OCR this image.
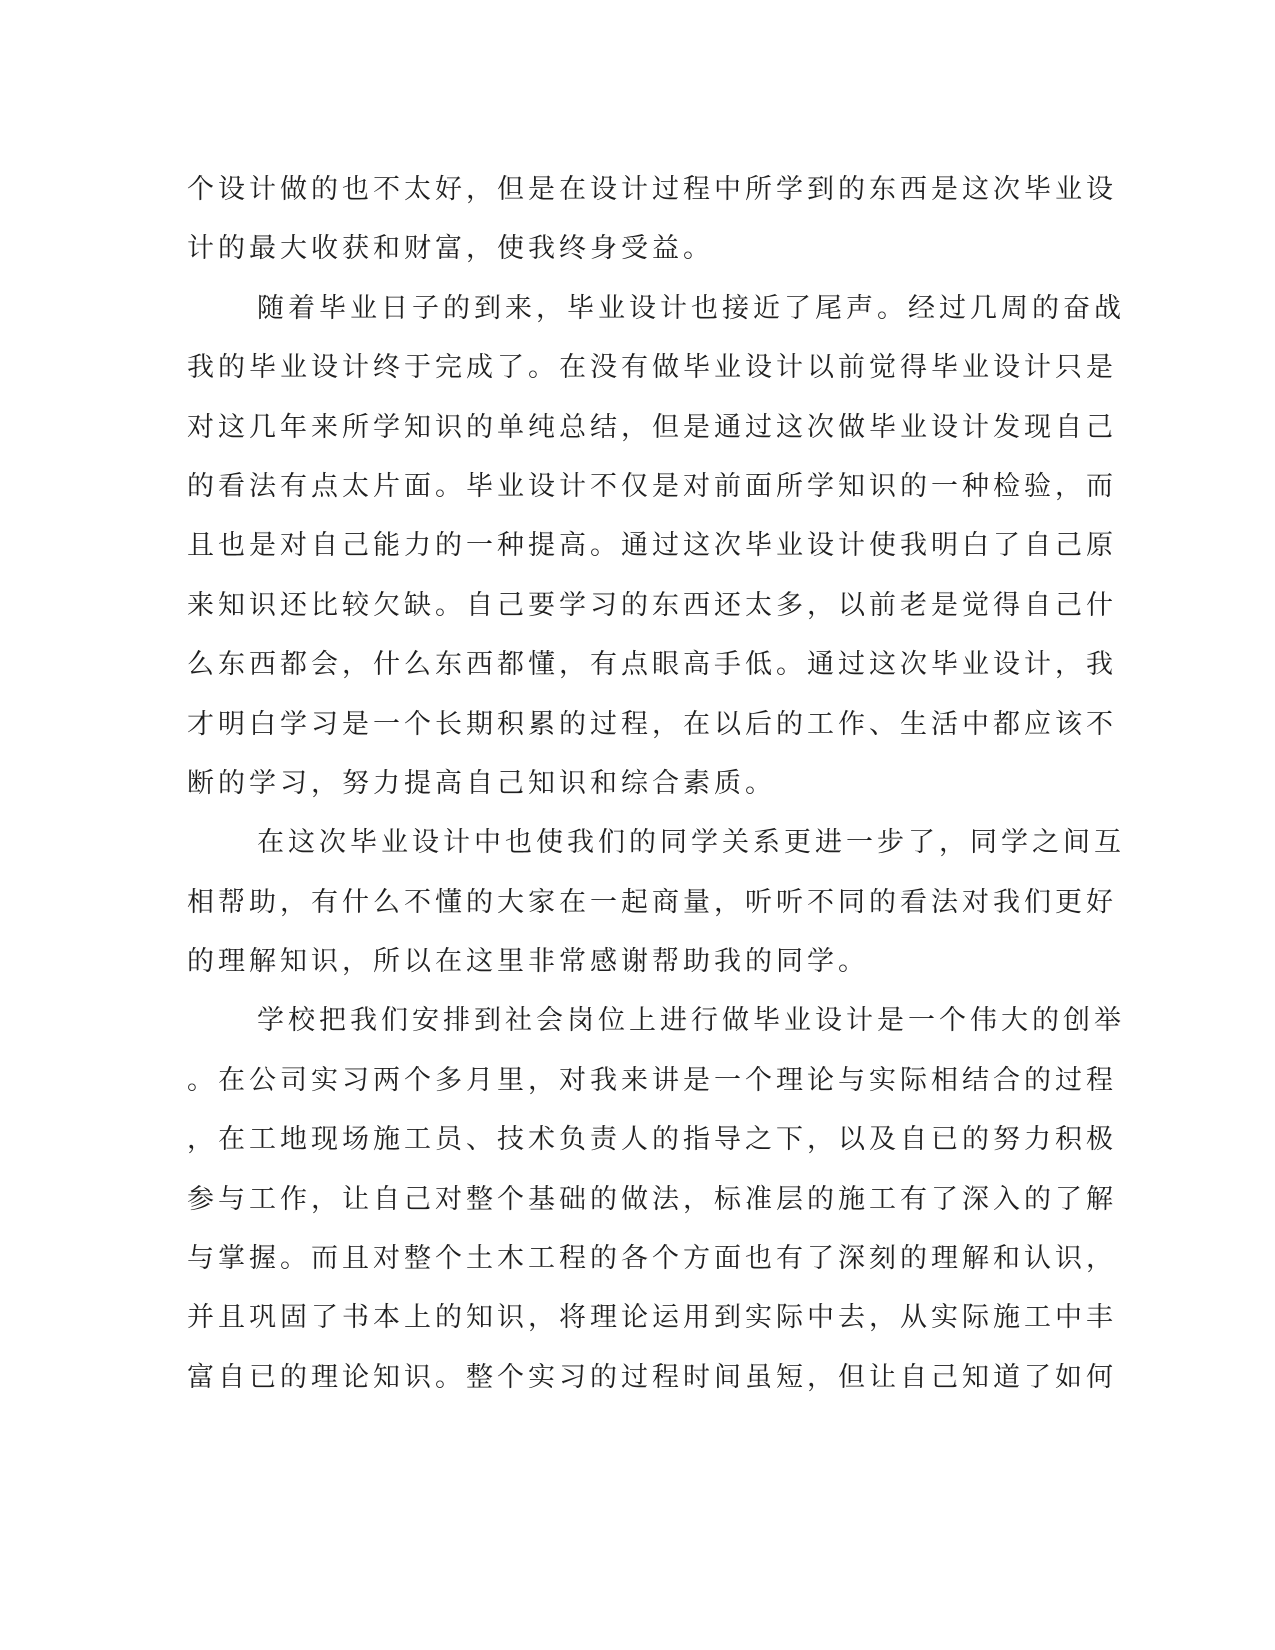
个设计做的也不太好，但是在设计过程中所学到的东西是这次毕业设
计的最大收获和财富，使我终身受益。
随着毕业日子的到来，毕业设计也接近了尾声。经过几周的奋战
我的毕业设计终于完成了。在没有做毕业设计以前觉得毕业设计只是
对这几年来所学知识的单纯总结，但是通过这次做毕业设计发现自己
的看法有点太片面。毕业设计不仅是对前面所学知识的一种检验，而
且也是对自己能力的一种提高。通过这次毕业设计使我明白了自己原
来知识还比较欠缺。自己要学习的东西还太多，以前老是觉得自己什
么东西都会，什么东西都懂，有点眼高手低。通过这次毕业设计，我
才明白学习是一个长期积累的过程，在以后的工作、生活中都应该不
断的学习，努力提高自己知识和综合素质。
在这次毕业设计中也使我们的同学关系更进一步了，同学之间互
相帮助，有什么不懂的大家在一起商量，听听不同的看法对我们更好
的理解知识，所以在这里非常感谢帮助我的同学。
学校把我们安排到社会岗位上进行做毕业设计是一个伟大的创举
。在公司实习两个多月里，对我来讲是一个理论与实际相结合的过程
，在工地现场施工员、技术负责人的指导之下，以及自已的努力积极
参与工作，让自己对整个基础的做法，标准层的施工有了深入的了解
与掌握。而且对整个土木工程的各个方面也有了深刻的理解和认识，
并且巩固了书本上的知识，将理论运用到实际中去，从实际施工中丰
富自已的理论知识。整个实习的过程时间虽短，但让自己知道了如何
